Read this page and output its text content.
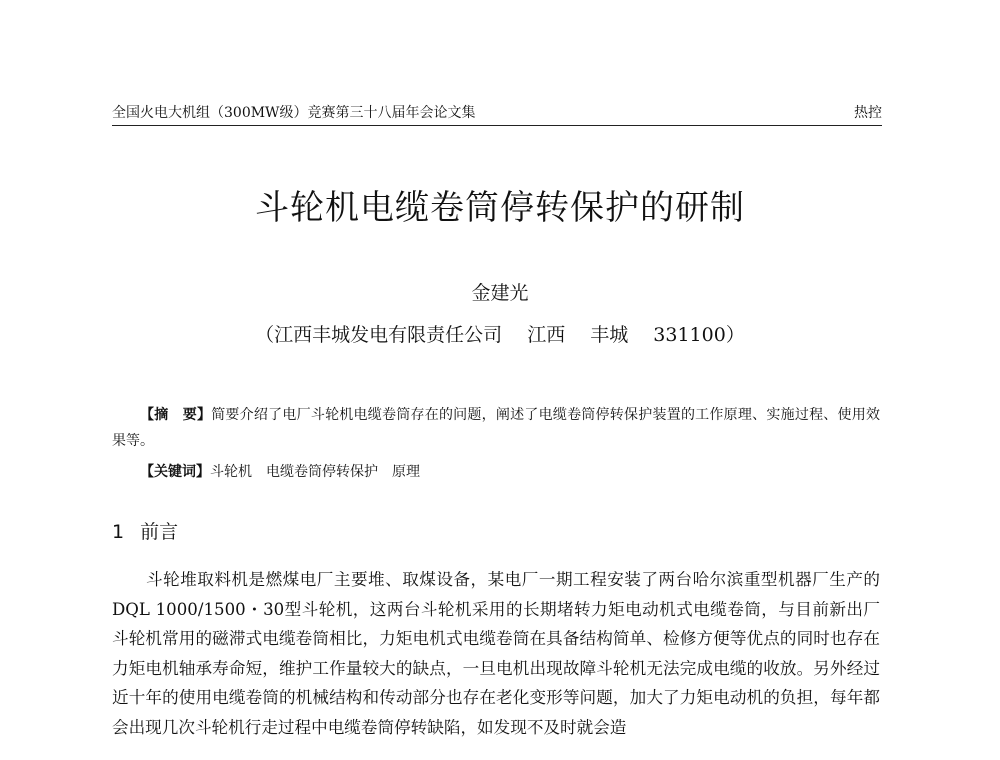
全国火电大机组（300MW级）竞赛第三十八届年会论文集	热控
斗轮机电缆卷筒停转保护的研制
金建光
（江西丰城发电有限责任公司　 江西　 丰城　 331100）

【摘　要】简要介绍了电厂斗轮机电缆卷筒存在的问题，阐述了电缆卷筒停转保护装置的工作原理、实施过程、使用效果等。

【关键词】斗轮机　电缆卷筒停转保护　原理

1 前言

斗轮堆取料机是燃煤电厂主要堆、取煤设备，某电厂一期工程安装了两台哈尔滨重型机器厂生产的DQL 1000/1500・30型斗轮机，这两台斗轮机采用的长期堵转力矩电动机式电缆卷筒，与目前新出厂斗轮机常用的磁滞式电缆卷筒相比，力矩电机式电缆卷筒在具备结构简单、检修方便等优点的同时也存在力矩电机轴承寿命短，维护工作量较大的缺点，一旦电机出现故障斗轮机无法完成电缆的收放。另外经过近十年的使用电缆卷筒的机械结构和传动部分也存在老化变形等问题，加大了力矩电动机的负担，每年都会出现几次斗轮机行走过程中电缆卷筒停转缺陷，如发现不及时就会造
